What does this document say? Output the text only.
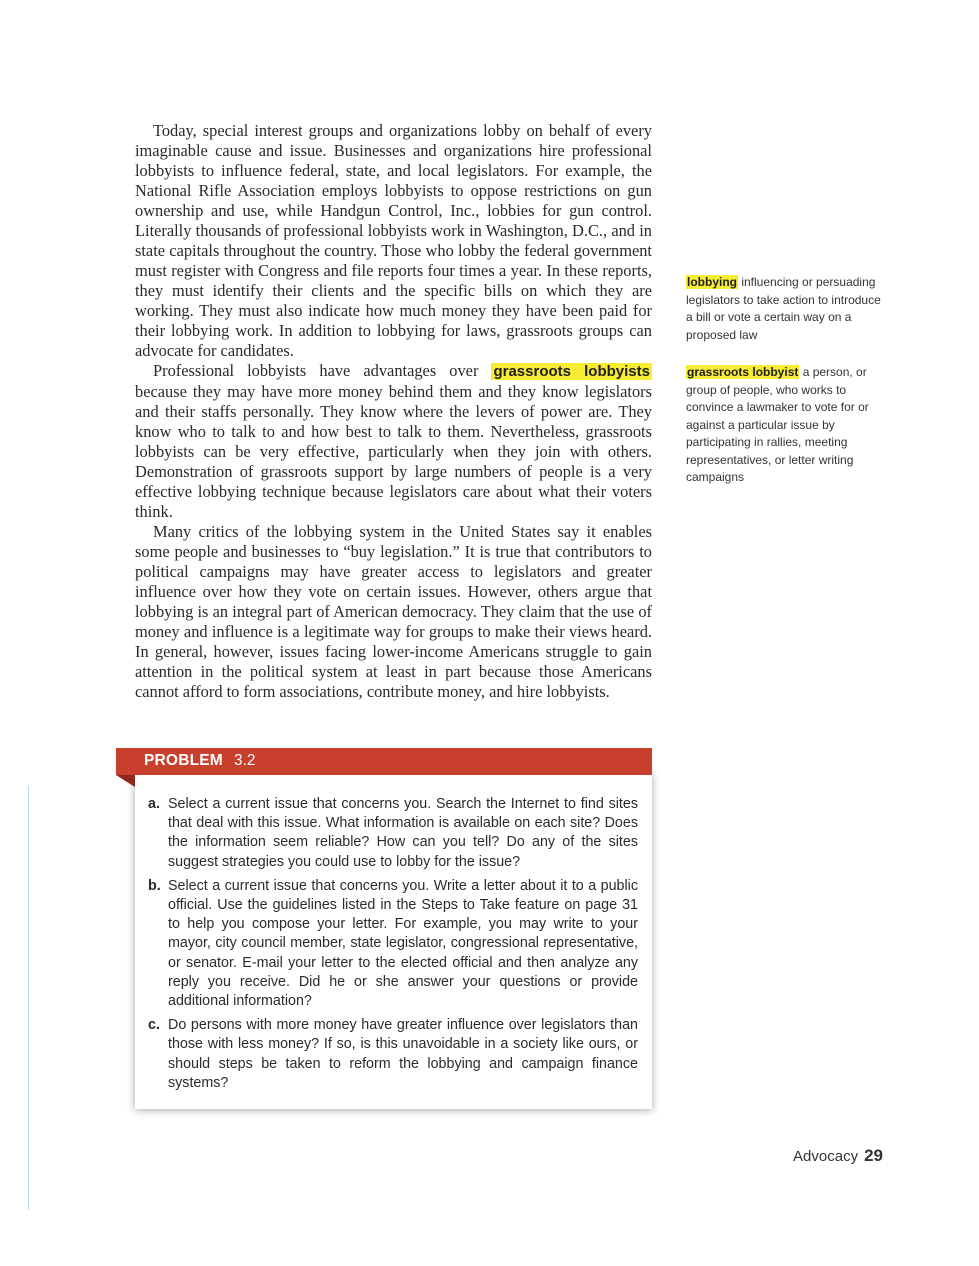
Today, special interest groups and organizations lobby on behalf of every imaginable cause and issue. Businesses and organizations hire professional lobbyists to influence federal, state, and local legislators. For example, the National Rifle Association employs lobbyists to oppose restrictions on gun ownership and use, while Handgun Control, Inc., lobbies for gun control. Literally thousands of professional lobbyists work in Washington, D.C., and in state capitals throughout the country. Those who lobby the federal government must register with Congress and file reports four times a year. In these reports, they must identify their clients and the specific bills on which they are working. They must also indicate how much money they have been paid for their lobbying work. In addition to lobbying for laws, grassroots groups can advocate for candidates.

Professional lobbyists have advantages over grassroots lobbyists because they may have more money behind them and they know legislators and their staffs personally. They know where the levers of power are. They know who to talk to and how best to talk to them. Nevertheless, grassroots lobbyists can be very effective, particularly when they join with others. Demonstration of grassroots support by large numbers of people is a very effective lobbying technique because legislators care about what their voters think.

Many critics of the lobbying system in the United States say it enables some people and businesses to “buy legislation.” It is true that contributors to political campaigns may have greater access to legislators and greater influence over how they vote on certain issues. However, others argue that lobbying is an integral part of American democracy. They claim that the use of money and influence is a legitimate way for groups to make their views heard. In general, however, issues facing lower-income Americans struggle to gain attention in the political system at least in part because those Americans cannot afford to form associations, contribute money, and hire lobbyists.

lobbying influencing or persuading legislators to take action to introduce a bill or vote a certain way on a proposed law
grassroots lobbyist a person, or group of people, who works to convince a lawmaker to vote for or against a particular issue by participating in rallies, meeting representatives, or letter writing campaigns
PROBLEM 3.2
a. Select a current issue that concerns you. Search the Internet to find sites that deal with this issue. What information is available on each site? Does the information seem reliable? How can you tell? Do any of the sites suggest strategies you could use to lobby for the issue?
b. Select a current issue that concerns you. Write a letter about it to a public official. Use the guidelines listed in the Steps to Take feature on page 31 to help you compose your letter. For example, you may write to your mayor, city council member, state legislator, congressional representative, or senator. E-mail your letter to the elected official and then analyze any reply you receive. Did he or she answer your questions or provide additional information?
c. Do persons with more money have greater influence over legislators than those with less money? If so, is this unavoidable in a society like ours, or should steps be taken to reform the lobbying and campaign finance systems?
Advocacy 29
